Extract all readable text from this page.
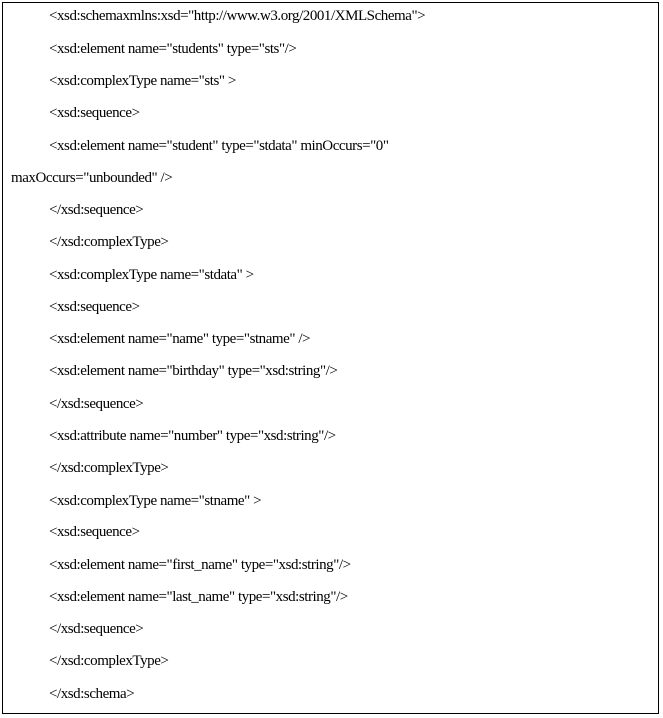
<xsd:schemaxmlns:xsd="http://www.w3.org/2001/XMLSchema">
<xsd:element name="students" type="sts"/>
<xsd:complexType name="sts" >
<xsd:sequence>
<xsd:element name="student" type="stdata" minOccurs="0"
maxOccurs="unbounded" />
</xsd:sequence>
</xsd:complexType>
<xsd:complexType name="stdata" >
<xsd:sequence>
<xsd:element name="name" type="stname" />
<xsd:element name="birthday" type="xsd:string"/>
</xsd:sequence>
<xsd:attribute name="number" type="xsd:string"/>
</xsd:complexType>
<xsd:complexType name="stname" >
<xsd:sequence>
<xsd:element name="first_name" type="xsd:string"/>
<xsd:element name="last_name" type="xsd:string"/>
</xsd:sequence>
</xsd:complexType>
</xsd:schema>
